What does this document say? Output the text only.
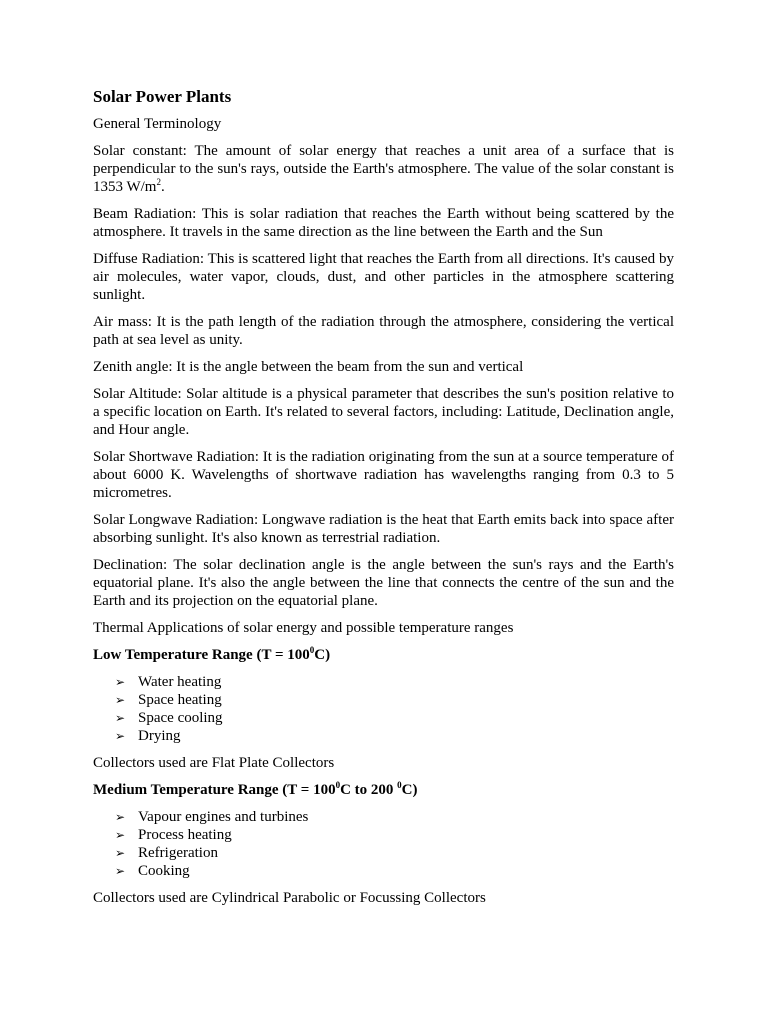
Solar Power Plants

General Terminology

Solar constant: The amount of solar energy that reaches a unit area of a surface that is perpendicular to the sun's rays, outside the Earth's atmosphere. The value of the solar constant is 1353 $W/m^2$.

Beam Radiation: This is solar radiation that reaches the Earth without being scattered by the atmosphere. It travels in the same direction as the line between the Earth and the Sun

Diffuse Radiation: This is scattered light that reaches the Earth from all directions. It's caused by air molecules, water vapor, clouds, dust, and other particles in the atmosphere scattering sunlight.

Air mass: It is the path length of the radiation through the atmosphere, considering the vertical path at sea level as unity.

Zenith angle: It is the angle between the beam from the sun and vertical

Solar Altitude: Solar altitude is a physical parameter that describes the sun's position relative to a specific location on Earth. It's related to several factors, including: Latitude, Declination angle, and Hour angle.

Solar Shortwave Radiation: It is the radiation originating from the sun at a source temperature of about 6000 K. Wavelengths of shortwave radiation has wavelengths ranging from 0.3 to 5 micrometres.

Solar Longwave Radiation: Longwave radiation is the heat that Earth emits back into space after absorbing sunlight. It's also known as terrestrial radiation.

Declination: The solar declination angle is the angle between the sun's rays and the Earth's equatorial plane. It's also the angle between the line that connects the centre of the sun and the Earth and its projection on the equatorial plane.

Thermal Applications of solar energy and possible temperature ranges

Low Temperature Range $(T = 100^0C)$
➢ Water heating
➢ Space heating
➢ Space cooling
➢ Drying

Collectors used are Flat Plate Collectors

Medium Temperature Range ($T = 100^0C$ to 200 $^0$C)
➢ Vapour engines and turbines
➢ Process heating
➢ Refrigeration
➢ Cooking

Collectors used are Cylindrical Parabolic or Focussing Collectors
